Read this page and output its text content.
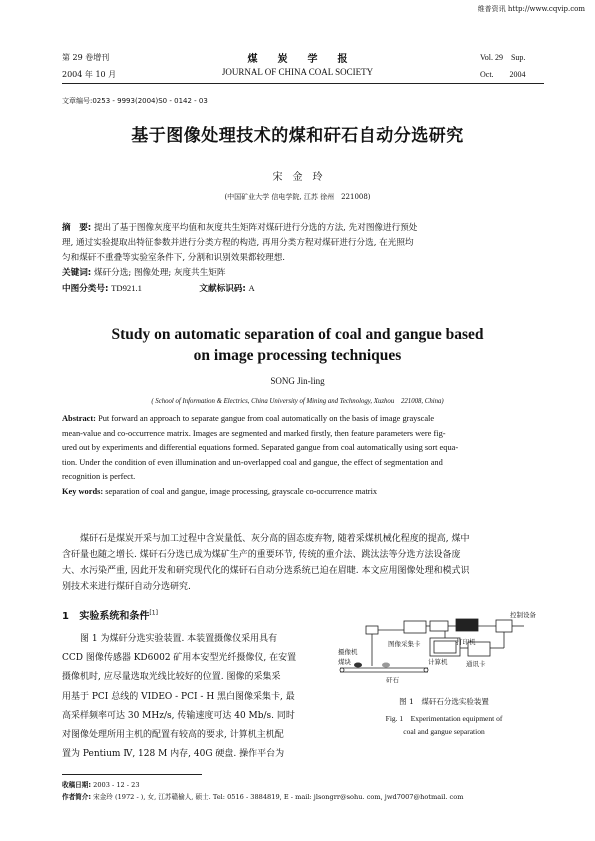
维普资讯 http://www.cqvip.com
第 29 卷增刊
2004 年 10 月
煤　　炭　　学　　报
JOURNAL OF CHINA COAL SOCIETY
Vol. 29　Sup.
Oct.　　2004
文章编号:0253 - 9993(2004)S0 - 0142 - 03
基于图像处理技术的煤和矸石自动分选研究
宋　金　玲
(中国矿业大学 信电学院, 江苏 徐州　221008)
摘　要: 提出了基于图像灰度平均值和灰度共生矩阵对煤矸进行分选的方法, 先对图像进行预处
理, 通过实验提取出特征参数并进行分类方程的构造, 再用分类方程对煤矸进行分选, 在光照均
匀和煤矸不重叠等实验室条件下, 分割和识别效果都较理想.
关键词: 煤矸分选; 图像处理; 灰度共生矩阵
中图分类号: TD921.1	文献标识码: A
Study on automatic separation of coal and gangue based
on image processing techniques
SONG Jin-ling
( School of Information & Electrics, China University of Mining and Technology, Xuzhou　221008, China)
Abstract: Put forward an approach to separate gangue from coal automatically on the basis of image grayscale
mean-value and co-occurrence matrix. Images are segmented and marked firstly, then feature parameters were fig-
ured out by experiments and differential equations formed. Separated gangue from coal automatically using sort equa-
tion. Under the condition of even illumination and un-overlapped coal and gangue, the effect of segmentation and
recognition is perfect.
Key words: separation of coal and gangue, image processing, grayscale co-occurrence matrix
煤矸石是煤炭开采与加工过程中含炭量低、灰分高的固态废弃物, 随着采煤机械化程度的提高, 煤中
含矸量也随之增长. 煤矸石分选已成为煤矿生产的重要环节, 传统的重介法、跳汰法等分选方法设备庞
大、水污染严重, 因此开发和研究现代化的煤矸石自动分选系统已迫在眉睫. 本文应用图像处理和模式识
别技术来进行煤矸自动分选研究.
1 实验系统和条件[1]
图 1 为煤矸分选实验装置. 本装置摄像仪采用具有
CCD 图像传感器 KD6002 矿用本安型光纤摄像仪, 在安置
摄像机时, 应尽量选取光线比较好的位置. 图像的采集采
用基于 PCI 总线的 VIDEO - PCI - H 黑白图像采集卡, 最
高采样频率可达 30 MHz/s, 传输速度可达 40 Mb/s. 同时
对图像处理所用主机的配置有较高的要求, 计算机主机配
置为 Pentium Ⅳ, 128 M 内存, 40G 硬盘. 操作平台为
摄像机
图像采集卡	打印机
控制设备
煤块
矸石
计算机	通讯卡
图 1　煤矸石分选实验装置
Fig. 1　Experimentation equipment of
coal and gangue separation
收稿日期: 2003 - 12 - 23
作者简介: 宋金玲 (1972 - ), 女, 江苏赣榆人, 硕士. Tel: 0516 - 3884819, E - mail: jlsongrr@sohu. com, jwd7007@hotmail. com
